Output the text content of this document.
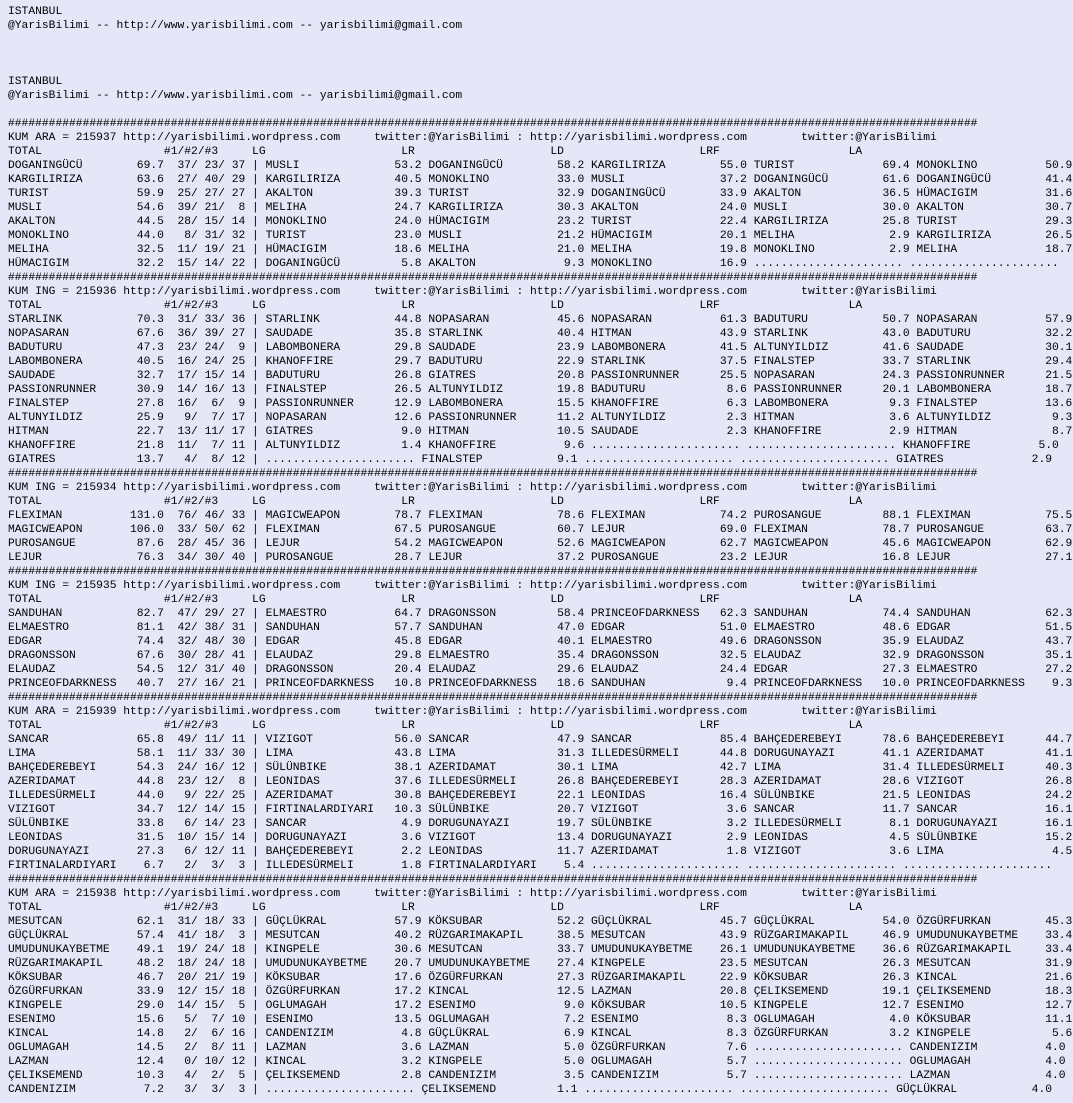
ISTANBUL
@YarisBilimi -- http://www.yarisbilimi.com -- yarisbilimi@gmail.com
ISTANBUL
@YarisBilimi -- http://www.yarisbilimi.com -- yarisbilimi@gmail.com
###############################################################################################################################################
KUM ARA = 215937 http://yarisbilimi.wordpress.com     twitter:@YarisBilimi : http://yarisbilimi.wordpress.com        twitter:@YarisBilimi
TOTAL                  #1/#2/#3     LG                    LR                    LD                    LRF                   LA
DOGANINGÜCÜ        69.7  37/ 23/ 37 | MUSLI              53.2 DOGANINGÜCÜ        58.2 KARGILIRIZA        55.0 TURIST             69.4 MONOKLINO          50.9
KARGILIRIZA        63.6  27/ 40/ 29 | KARGILIRIZA        40.5 MONOKLINO          33.0 MUSLI              37.2 DOGANINGÜCÜ        61.6 DOGANINGÜCÜ        41.4
TURIST             59.9  25/ 27/ 27 | AKALTON            39.3 TURIST             32.9 DOGANINGÜCÜ        33.9 AKALTON            36.5 HÜMACIGIM          31.6
MUSLI              54.6  39/ 21/  8 | MELIHA             24.7 KARGILIRIZA        30.3 AKALTON            24.0 MUSLI              30.0 AKALTON            30.7
AKALTON            44.5  28/ 15/ 14 | MONOKLINO          24.0 HÜMACIGIM          23.2 TURIST             22.4 KARGILIRIZA        25.8 TURIST             29.3
MONOKLINO          44.0   8/ 31/ 32 | TURIST             23.0 MUSLI              21.2 HÜMACIGIM          20.1 MELIHA              2.9 KARGILIRIZA        26.5
MELIHA             32.5  11/ 19/ 21 | HÜMACIGIM          18.6 MELIHA             21.0 MELIHA             19.8 MONOKLINO           2.9 MELIHA             18.7
HÜMACIGIM          32.2  15/ 14/ 22 | DOGANINGÜCÜ         5.8 AKALTON             9.3 MONOKLINO          16.9 ...................... ......................
###############################################################################################################################################
KUM ING = 215936 http://yarisbilimi.wordpress.com     twitter:@YarisBilimi : http://yarisbilimi.wordpress.com        twitter:@YarisBilimi
TOTAL                  #1/#2/#3     LG                    LR                    LD                    LRF                   LA
STARLINK           70.3  31/ 33/ 36 | STARLINK           44.8 NOPASARAN          45.6 NOPASARAN          61.3 BADUTURU           50.7 NOPASARAN          57.9
NOPASARAN          67.6  36/ 39/ 27 | SAUDADE            35.8 STARLINK           40.4 HITMAN             43.9 STARLINK           43.0 BADUTURU           32.2
BADUTURU           47.3  23/ 24/  9 | LABOMBONERA        29.8 SAUDADE            23.9 LABOMBONERA        41.5 ALTUNYILDIZ        41.6 SAUDADE            30.1
LABOMBONERA        40.5  16/ 24/ 25 | KHANOFFIRE         29.7 BADUTURU           22.9 STARLINK           37.5 FINALSTEP          33.7 STARLINK           29.4
SAUDADE            32.7  17/ 15/ 14 | BADUTURU           26.8 GIATRES            20.8 PASSIONRUNNER      25.5 NOPASARAN          24.3 PASSIONRUNNER      21.5
PASSIONRUNNER      30.9  14/ 16/ 13 | FINALSTEP          26.5 ALTUNYILDIZ        19.8 BADUTURU            8.6 PASSIONRUNNER      20.1 LABOMBONERA        18.7
FINALSTEP          27.8  16/  6/  9 | PASSIONRUNNER      12.9 LABOMBONERA        15.5 KHANOFFIRE          6.3 LABOMBONERA         9.3 FINALSTEP          13.6
ALTUNYILDIZ        25.9   9/  7/ 17 | NOPASARAN          12.6 PASSIONRUNNER      11.2 ALTUNYILDIZ         2.3 HITMAN              3.6 ALTUNYILDIZ         9.3
HITMAN             22.7  13/ 11/ 17 | GIATRES             9.0 HITMAN             10.5 SAUDADE             2.3 KHANOFFIRE          2.9 HITMAN              8.7
KHANOFFIRE         21.8  11/  7/ 11 | ALTUNYILDIZ         1.4 KHANOFFIRE          9.6 ...................... ...................... KHANOFFIRE          5.0
GIATRES            13.7   4/  8/ 12 | ...................... FINALSTEP           9.1 ...................... ...................... GIATRES             2.9
###############################################################################################################################################
KUM ING = 215934 http://yarisbilimi.wordpress.com     twitter:@YarisBilimi : http://yarisbilimi.wordpress.com        twitter:@YarisBilimi
TOTAL                  #1/#2/#3     LG                    LR                    LD                    LRF                   LA
FLEXIMAN          131.0  76/ 46/ 33 | MAGICWEAPON        78.7 FLEXIMAN           78.6 FLEXIMAN           74.2 PUROSANGUE         88.1 FLEXIMAN           75.5
MAGICWEAPON       106.0  33/ 50/ 62 | FLEXIMAN           67.5 PUROSANGUE         60.7 LEJUR              69.0 FLEXIMAN           78.7 PUROSANGUE         63.7
PUROSANGUE         87.6  28/ 45/ 36 | LEJUR              54.2 MAGICWEAPON        52.6 MAGICWEAPON        62.7 MAGICWEAPON        45.6 MAGICWEAPON        62.9
LEJUR              76.3  34/ 30/ 40 | PUROSANGUE         28.7 LEJUR              37.2 PUROSANGUE         23.2 LEJUR              16.8 LEJUR              27.1
###############################################################################################################################################
KUM ING = 215935 http://yarisbilimi.wordpress.com     twitter:@YarisBilimi : http://yarisbilimi.wordpress.com        twitter:@YarisBilimi
TOTAL                  #1/#2/#3     LG                    LR                    LD                    LRF                   LA
SANDUHAN           82.7  47/ 29/ 27 | ELMAESTRO          64.7 DRAGONSSON         58.4 PRINCEOFDARKNESS   62.3 SANDUHAN           74.4 SANDUHAN           62.3
ELMAESTRO          81.1  42/ 38/ 31 | SANDUHAN           57.7 SANDUHAN           47.0 EDGAR              51.0 ELMAESTRO          48.6 EDGAR              51.5
EDGAR              74.4  32/ 48/ 30 | EDGAR              45.8 EDGAR              40.1 ELMAESTRO          49.6 DRAGONSSON         35.9 ELAUDAZ            43.7
DRAGONSSON         67.6  30/ 28/ 41 | ELAUDAZ            29.8 ELMAESTRO          35.4 DRAGONSSON         32.5 ELAUDAZ            32.9 DRAGONSSON         35.1
ELAUDAZ            54.5  12/ 31/ 40 | DRAGONSSON         20.4 ELAUDAZ            29.6 ELAUDAZ            24.4 EDGAR              27.3 ELMAESTRO          27.2
PRINCEOFDARKNESS   40.7  27/ 16/ 21 | PRINCEOFDARKNESS   10.8 PRINCEOFDARKNESS   18.6 SANDUHAN            9.4 PRINCEOFDARKNESS   10.0 PRINCEOFDARKNESS    9.3
###############################################################################################################################################
KUM ARA = 215939 http://yarisbilimi.wordpress.com     twitter:@YarisBilimi : http://yarisbilimi.wordpress.com        twitter:@YarisBilimi
TOTAL                  #1/#2/#3     LG                    LR                    LD                    LRF                   LA
SANCAR             65.8  49/ 11/ 11 | VIZIGOT            56.0 SANCAR             47.9 SANCAR             85.4 BAHÇEDEREBEYI      78.6 BAHÇEDEREBEYI      44.7
LIMA               58.1  11/ 33/ 30 | LIMA               43.8 LIMA               31.3 ILLEDESÜRMELI      44.8 DORUGUNAYAZI       41.1 AZERIDAMAT         41.1
BAHÇEDEREBEYI      54.3  24/ 16/ 12 | SÜLÜNBIKE          38.1 AZERIDAMAT         30.1 LIMA               42.7 LIMA               31.4 ILLEDESÜRMELI      40.3
AZERIDAMAT         44.8  23/ 12/  8 | LEONIDAS           37.6 ILLEDESÜRMELI      26.8 BAHÇEDEREBEYI      28.3 AZERIDAMAT         28.6 VIZIGOT            26.8
ILLEDESÜRMELI      44.0   9/ 22/ 25 | AZERIDAMAT         30.8 BAHÇEDEREBEYI      22.1 LEONIDAS           16.4 SÜLÜNBIKE          21.5 LEONIDAS           24.2
VIZIGOT            34.7  12/ 14/ 15 | FIRTINALARDIYARI   10.3 SÜLÜNBIKE          20.7 VIZIGOT             3.6 SANCAR             11.7 SANCAR             16.1
SÜLÜNBIKE          33.8   6/ 14/ 23 | SANCAR              4.9 DORUGUNAYAZI       19.7 SÜLÜNBIKE           3.2 ILLEDESÜRMELI       8.1 DORUGUNAYAZI       16.1
LEONIDAS           31.5  10/ 15/ 14 | DORUGUNAYAZI        3.6 VIZIGOT            13.4 DORUGUNAYAZI        2.9 LEONIDAS            4.5 SÜLÜNBIKE          15.2
DORUGUNAYAZI       27.3   6/ 12/ 11 | BAHÇEDEREBEYI       2.2 LEONIDAS           11.7 AZERIDAMAT          1.8 VIZIGOT             3.6 LIMA                4.5
FIRTINALARDIYARI    6.7   2/  3/  3 | ILLEDESÜRMELI       1.8 FIRTINALARDIYARI    5.4 ...................... ...................... ......................
###############################################################################################################################################
KUM ARA = 215938 http://yarisbilimi.wordpress.com     twitter:@YarisBilimi : http://yarisbilimi.wordpress.com        twitter:@YarisBilimi
TOTAL                  #1/#2/#3     LG                    LR                    LD                    LRF                   LA
MESUTCAN           62.1  31/ 18/ 33 | GÜÇLÜKRAL          57.9 KÖKSUBAR           52.2 GÜÇLÜKRAL          45.7 GÜÇLÜKRAL          54.0 ÖZGÜRFURKAN        45.3
GÜÇLÜKRAL          57.4  41/ 18/  3 | MESUTCAN           40.2 RÜZGARIMAKAPIL     38.5 MESUTCAN           43.9 RÜZGARIMAKAPIL     46.9 UMUDUNUKAYBETME    33.4
UMUDUNUKAYBETME    49.1  19/ 24/ 18 | KINGPELE           30.6 MESUTCAN           33.7 UMUDUNUKAYBETME    26.1 UMUDUNUKAYBETME    36.6 RÜZGARIMAKAPIL     33.4
RÜZGARIMAKAPIL     48.2  18/ 24/ 18 | UMUDUNUKAYBETME    20.7 UMUDUNUKAYBETME    27.4 KINGPELE           23.5 MESUTCAN           26.3 MESUTCAN           31.9
KÖKSUBAR           46.7  20/ 21/ 19 | KÖKSUBAR           17.6 ÖZGÜRFURKAN        27.3 RÜZGARIMAKAPIL     22.9 KÖKSUBAR           26.3 KINCAL             21.6
ÖZGÜRFURKAN        33.9  12/ 15/ 18 | ÖZGÜRFURKAN        17.2 KINCAL             12.5 LAZMAN             20.8 ÇELIKSEMEND        19.1 ÇELIKSEMEND        18.3
KINGPELE           29.0  14/ 15/  5 | OGLUMAGAH          17.2 ESENIMO             9.0 KÖKSUBAR           10.5 KINGPELE           12.7 ESENIMO            12.7
ESENIMO            15.6   5/  7/ 10 | ESENIMO            13.5 OGLUMAGAH           7.2 ESENIMO             8.3 OGLUMAGAH           4.0 KÖKSUBAR           11.1
KINCAL             14.8   2/  6/ 16 | CANDENIZIM          4.8 GÜÇLÜKRAL           6.9 KINCAL              8.3 ÖZGÜRFURKAN         3.2 KINGPELE            5.6
OGLUMAGAH          14.5   2/  8/ 11 | LAZMAN              3.6 LAZMAN              5.0 ÖZGÜRFURKAN         7.6 ...................... CANDENIZIM          4.0
LAZMAN             12.4   0/ 10/ 12 | KINCAL              3.2 KINGPELE            5.0 OGLUMAGAH           5.7 ...................... OGLUMAGAH           4.0
ÇELIKSEMEND        10.3   4/  2/  5 | ÇELIKSEMEND         2.8 CANDENIZIM          3.5 CANDENIZIM          5.7 ...................... LAZMAN              4.0
CANDENIZIM          7.2   3/  3/  3 | ...................... ÇELIKSEMEND         1.1 ...................... ...................... GÜÇLÜKRAL           4.0
